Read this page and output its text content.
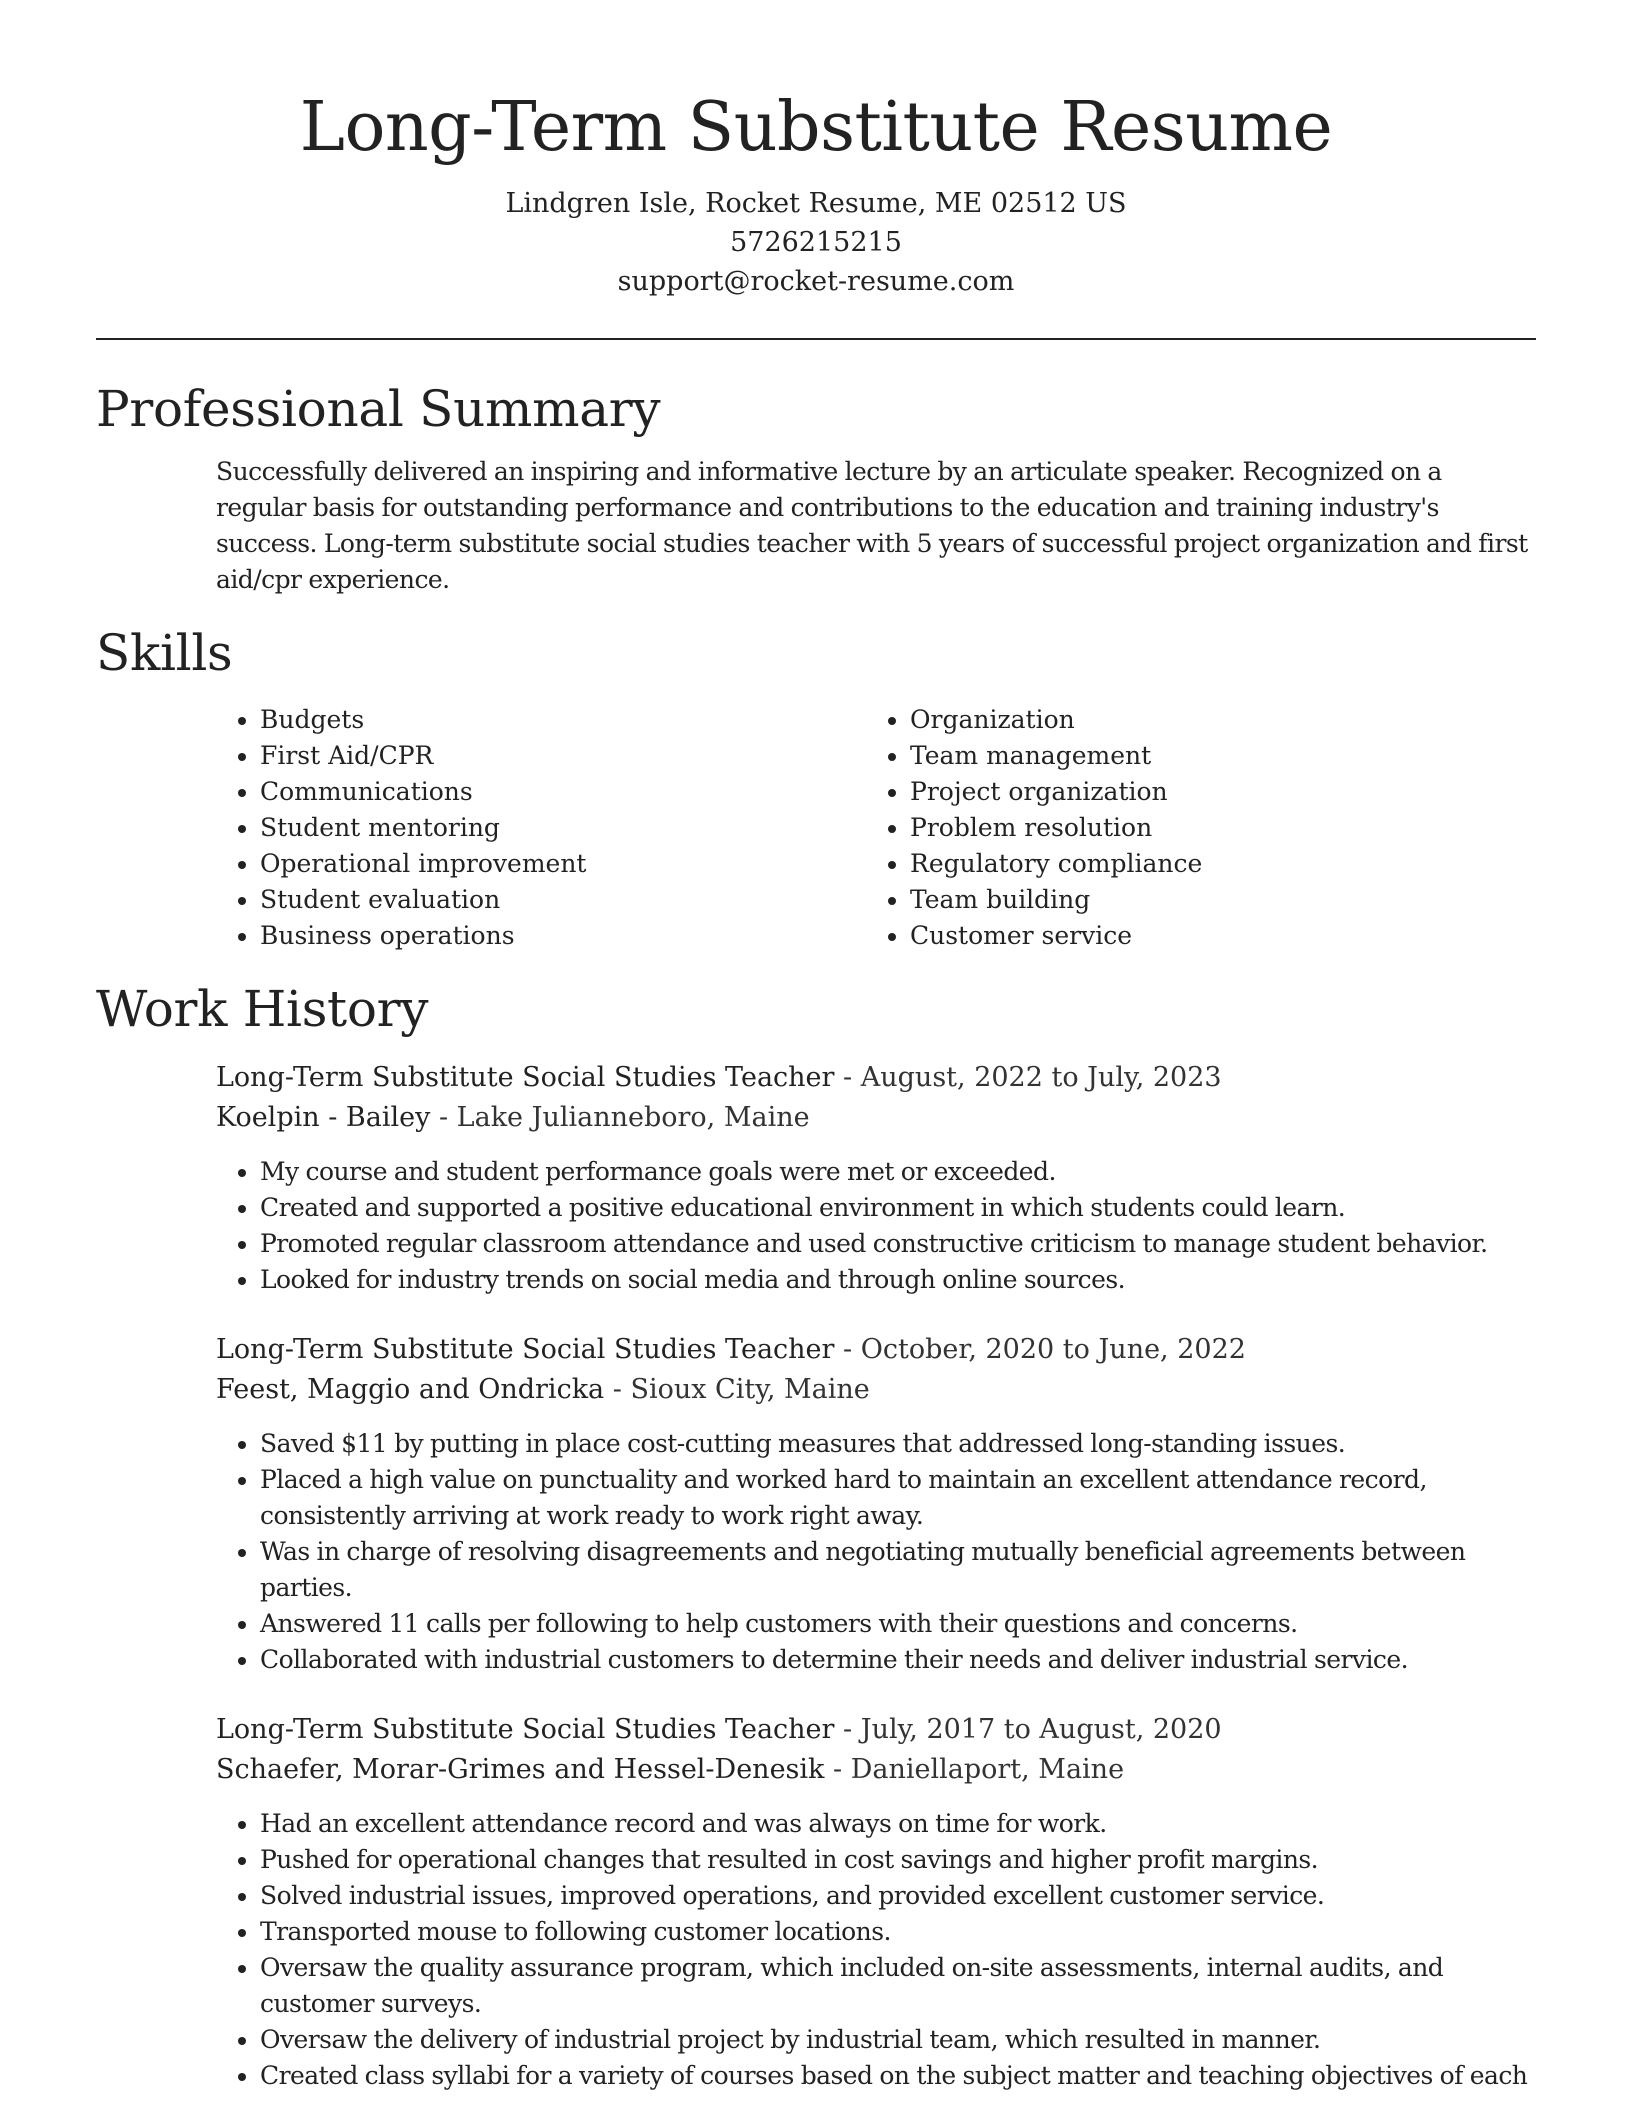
Long-Term Substitute Resume
Lindgren Isle, Rocket Resume, ME 02512 US
5726215215
support@rocket-resume.com
Professional Summary

Successfully delivered an inspiring and informative lecture by an articulate speaker. Recognized on a regular basis for outstanding performance and contributions to the education and training industry's success. Long-term substitute social studies teacher with 5 years of successful project organization and first aid/cpr experience.

Skills
• Budgets
• First Aid/CPR
• Communications
• Student mentoring
• Operational improvement
• Student evaluation
• Business operations
• Organization
• Team management
• Project organization
• Problem resolution
• Regulatory compliance
• Team building
• Customer service
Work History
Long-Term Substitute Social Studies Teacher - August, 2022 to July, 2023
Koelpin - Bailey - Lake Julianneboro, Maine
• My course and student performance goals were met or exceeded.
• Created and supported a positive educational environment in which students could learn.
• Promoted regular classroom attendance and used constructive criticism to manage student behavior.
• Looked for industry trends on social media and through online sources.
Long-Term Substitute Social Studies Teacher - October, 2020 to June, 2022
Feest, Maggio and Ondricka - Sioux City, Maine
• Saved $11 by putting in place cost-cutting measures that addressed long-standing issues.
• Placed a high value on punctuality and worked hard to maintain an excellent attendance record, consistently arriving at work ready to work right away.
• Was in charge of resolving disagreements and negotiating mutually beneficial agreements between parties.
• Answered 11 calls per following to help customers with their questions and concerns.
• Collaborated with industrial customers to determine their needs and deliver industrial service.
Long-Term Substitute Social Studies Teacher - July, 2017 to August, 2020
Schaefer, Morar-Grimes and Hessel-Denesik - Daniellaport, Maine
• Had an excellent attendance record and was always on time for work.
• Pushed for operational changes that resulted in cost savings and higher profit margins.
• Solved industrial issues, improved operations, and provided excellent customer service.
• Transported mouse to following customer locations.
• Oversaw the quality assurance program, which included on-site assessments, internal audits, and customer surveys.
• Oversaw the delivery of industrial project by industrial team, which resulted in manner.
• Created class syllabi for a variety of courses based on the subject matter and teaching objectives of each
